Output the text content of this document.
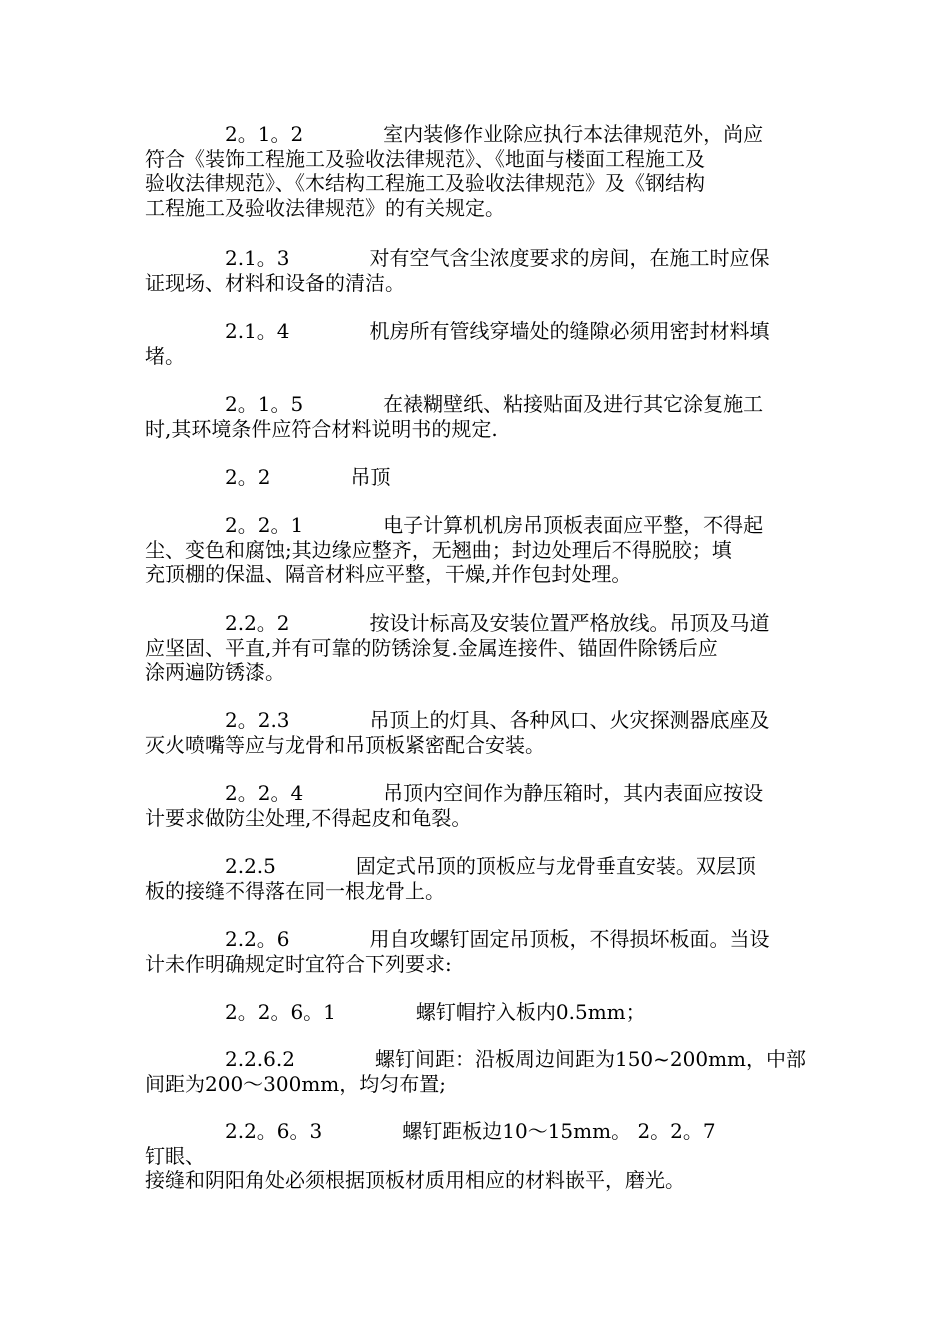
　　　　2。1。2　　　　室内装修作业除应执行本法律规范外，尚应
符合《装饰工程施工及验收法律规范》、《地面与楼面工程施工及
验收法律规范》、《木结构工程施工及验收法律规范》及《钢结构
工程施工及验收法律规范》的有关规定。

　　　　2.1。3　　　　对有空气含尘浓度要求的房间，在施工时应保
证现场、材料和设备的清洁。

　　　　2.1。4　　　　机房所有管线穿墙处的缝隙必须用密封材料填
堵。

　　　　2。1。5　　　　在裱糊壁纸、粘接贴面及进行其它涂复施工
时,其环境条件应符合材料说明书的规定.

　　　　2。2　　　　吊顶

　　　　2。2。1　　　　电子计算机机房吊顶板表面应平整，不得起
尘、变色和腐蚀;其边缘应整齐，无翘曲；封边处理后不得脱胶；填
充顶棚的保温、隔音材料应平整，干燥,并作包封处理。

　　　　2.2。2　　　　按设计标高及安装位置严格放线。吊顶及马道
应坚固、平直,并有可靠的防锈涂复.金属连接件、锚固件除锈后应
涂两遍防锈漆。

　　　　2。2.3　　　　吊顶上的灯具、各种风口、火灾探测器底座及
灭火喷嘴等应与龙骨和吊顶板紧密配合安装。

　　　　2。2。4　　　　吊顶内空间作为静压箱时，其内表面应按设
计要求做防尘处理,不得起皮和龟裂。

　　　　2.2.5　　　　固定式吊顶的顶板应与龙骨垂直安装。双层顶
板的接缝不得落在同一根龙骨上。

　　　　2.2。6　　　　用自攻螺钉固定吊顶板，不得损坏板面。当设
计未作明确规定时宜符合下列要求:

　　　　2。2。6。1　　　　螺钉帽拧入板内0.5mm；

　　　　2.2.6.2　　　　螺钉间距：沿板周边间距为150~200mm，中部
间距为200～300mm，均匀布置;

　　　　2.2。6。3　　　　螺钉距板边10～15mm。 2。2。7　　　　钉眼、
接缝和阴阳角处必须根据顶板材质用相应的材料嵌平，磨光。
